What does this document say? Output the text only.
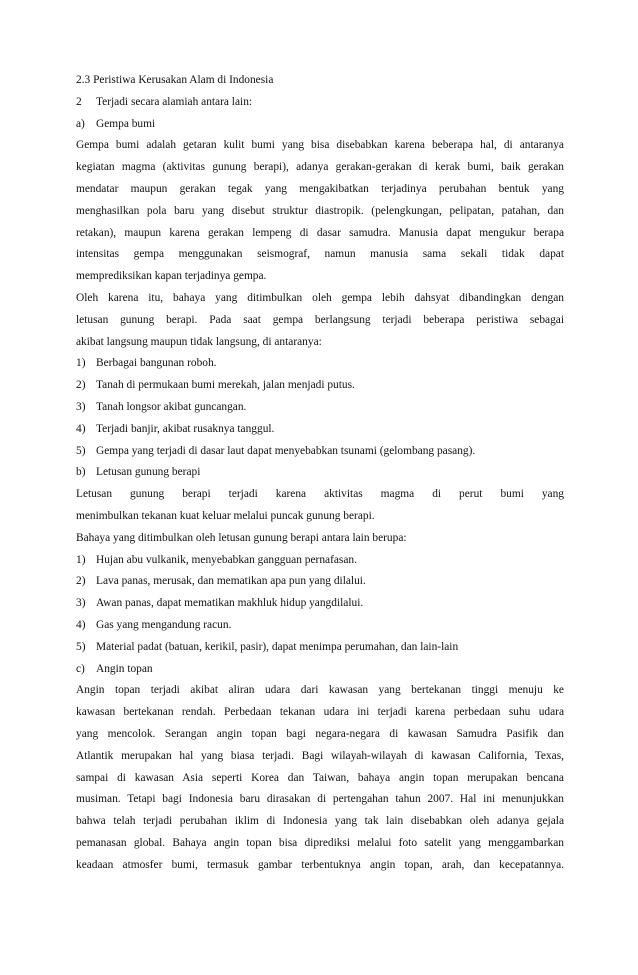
2.3 Peristiwa Kerusakan Alam di Indonesia
2	Terjadi secara alamiah antara lain:
a) Gempa bumi
Gempa bumi adalah getaran kulit bumi yang bisa disebabkan karena beberapa hal, di antaranya
kegiatan magma (aktivitas gunung berapi), adanya gerakan-gerakan di kerak bumi, baik gerakan
mendatar maupun gerakan tegak yang mengakibatkan terjadinya perubahan bentuk yang
menghasilkan pola baru yang disebut struktur diastropik. (pelengkungan, pelipatan, patahan, dan
retakan), maupun karena gerakan lempeng di dasar samudra. Manusia dapat mengukur berapa
intensitas gempa menggunakan seismograf, namun manusia sama sekali tidak dapat
memprediksikan kapan terjadinya gempa.
Oleh karena itu, bahaya yang ditimbulkan oleh gempa lebih dahsyat dibandingkan dengan
letusan gunung berapi. Pada saat gempa berlangsung terjadi beberapa peristiwa sebagai
akibat langsung maupun tidak langsung, di antaranya:
1) Berbagai bangunan roboh.
2) Tanah di permukaan bumi merekah, jalan menjadi putus.
3) Tanah longsor akibat guncangan.
4) Terjadi banjir, akibat rusaknya tanggul.
5) Gempa yang terjadi di dasar laut dapat menyebabkan tsunami (gelombang pasang).
b) Letusan gunung berapi
Letusan gunung berapi terjadi karena aktivitas magma di perut bumi yang
menimbulkan tekanan kuat keluar melalui puncak gunung berapi.
Bahaya yang ditimbulkan oleh letusan gunung berapi antara lain berupa:
1) Hujan abu vulkanik, menyebabkan gangguan pernafasan.
2) Lava panas, merusak, dan mematikan apa pun yang dilalui.
3) Awan panas, dapat mematikan makhluk hidup yangdilalui.
4) Gas yang mengandung racun.
5) Material padat (batuan, kerikil, pasir), dapat menimpa perumahan, dan lain-lain
c) Angin topan
Angin topan terjadi akibat aliran udara dari kawasan yang bertekanan tinggi menuju ke
kawasan bertekanan rendah. Perbedaan tekanan udara ini terjadi karena perbedaan suhu udara
yang mencolok. Serangan angin topan bagi negara-negara di kawasan Samudra Pasifik dan
Atlantik merupakan hal yang biasa terjadi. Bagi wilayah-wilayah di kawasan California, Texas,
sampai di kawasan Asia seperti Korea dan Taiwan, bahaya angin topan merupakan bencana
musiman. Tetapi bagi Indonesia baru dirasakan di pertengahan tahun 2007. Hal ini menunjukkan
bahwa telah terjadi perubahan iklim di Indonesia yang tak lain disebabkan oleh adanya gejala
pemanasan global. Bahaya angin topan bisa diprediksi melalui foto satelit yang menggambarkan
keadaan atmosfer bumi, termasuk gambar terbentuknya angin topan, arah, dan kecepatannya.
